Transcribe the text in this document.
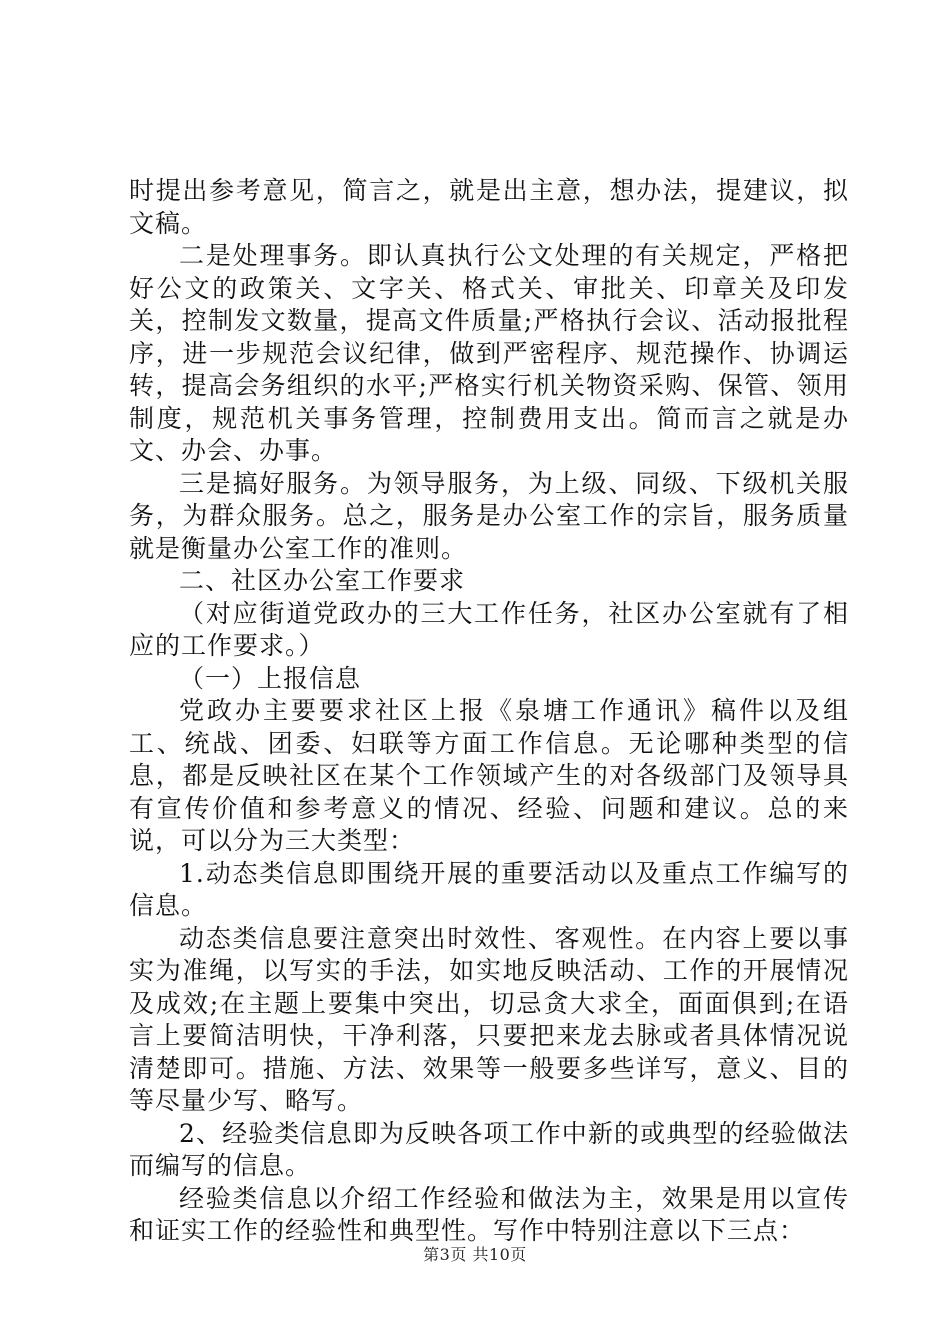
时提出参考意见，简言之，就是出主意，想办法，提建议，拟文稿。

二是处理事务。即认真执行公文处理的有关规定，严格把好公文的政策关、文字关、格式关、审批关、印章关及印发关，控制发文数量，提高文件质量;严格执行会议、活动报批程序，进一步规范会议纪律，做到严密程序、规范操作、协调运转，提高会务组织的水平;严格实行机关物资采购、保管、领用制度，规范机关事务管理，控制费用支出。简而言之就是办文、办会、办事。

三是搞好服务。为领导服务，为上级、同级、下级机关服务，为群众服务。总之，服务是办公室工作的宗旨，服务质量就是衡量办公室工作的准则。

二、社区办公室工作要求

（对应街道党政办的三大工作任务，社区办公室就有了相应的工作要求。）

（一）上报信息

党政办主要要求社区上报《泉塘工作通讯》稿件以及组工、统战、团委、妇联等方面工作信息。无论哪种类型的信息，都是反映社区在某个工作领域产生的对各级部门及领导具有宣传价值和参考意义的情况、经验、问题和建议。总的来说，可以分为三大类型：

1.动态类信息即围绕开展的重要活动以及重点工作编写的信息。

动态类信息要注意突出时效性、客观性。在内容上要以事实为准绳，以写实的手法，如实地反映活动、工作的开展情况及成效;在主题上要集中突出，切忌贪大求全，面面俱到;在语言上要简洁明快，干净利落，只要把来龙去脉或者具体情况说清楚即可。措施、方法、效果等一般要多些详写，意义、目的等尽量少写、略写。

2、经验类信息即为反映各项工作中新的或典型的经验做法而编写的信息。

经验类信息以介绍工作经验和做法为主，效果是用以宣传和证实工作的经验性和典型性。写作中特别注意以下三点：

第3页 共10页
